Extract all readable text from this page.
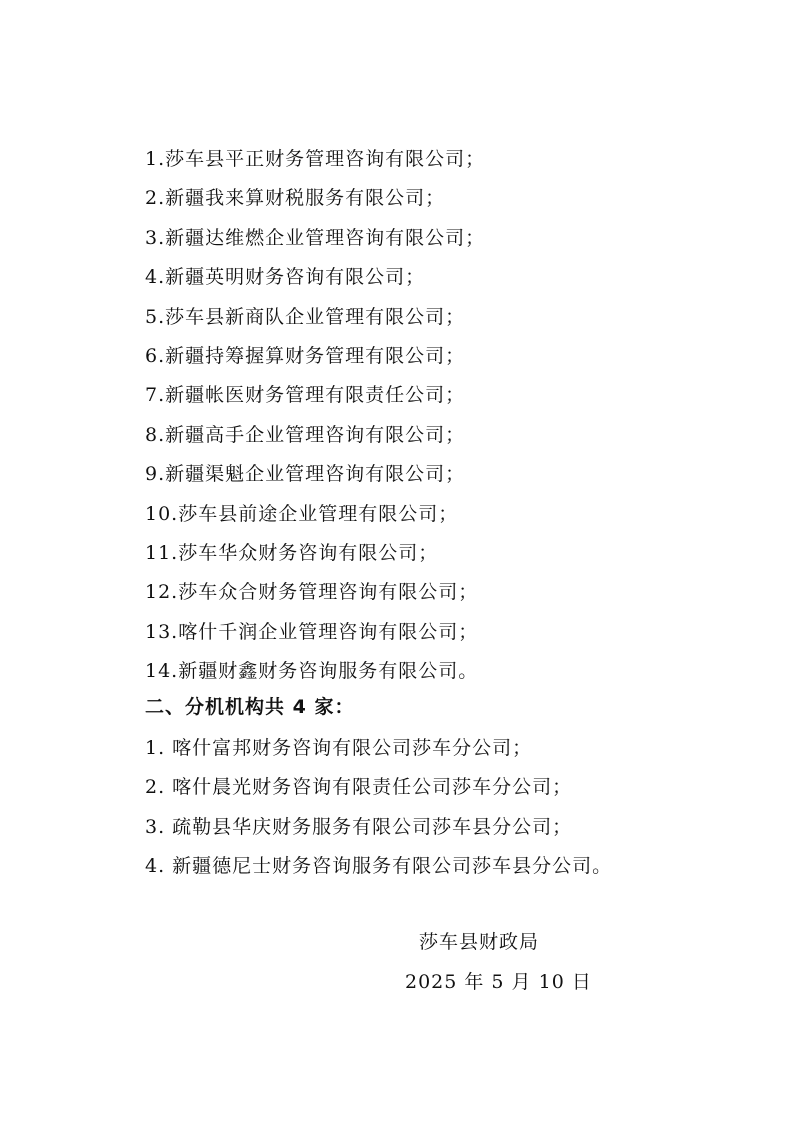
1.莎车县平正财务管理咨询有限公司；
2.新疆我来算财税服务有限公司；
3.新疆达维燃企业管理咨询有限公司；
4.新疆英明财务咨询有限公司；
5.莎车县新商队企业管理有限公司；
6.新疆持筹握算财务管理有限公司；
7.新疆帐医财务管理有限责任公司；
8.新疆高手企业管理咨询有限公司；
9.新疆渠魁企业管理咨询有限公司；
10.莎车县前途企业管理有限公司；
11.莎车华众财务咨询有限公司；
12.莎车众合财务管理咨询有限公司；
13.喀什千润企业管理咨询有限公司；
14.新疆财鑫财务咨询服务有限公司。
二、分机机构共 4 家：
1. 喀什富邦财务咨询有限公司莎车分公司；
2. 喀什晨光财务咨询有限责任公司莎车分公司；
3. 疏勒县华庆财务服务有限公司莎车县分公司；
4. 新疆德尼士财务咨询服务有限公司莎车县分公司。
莎车县财政局
2025 年 5 月 10 日
